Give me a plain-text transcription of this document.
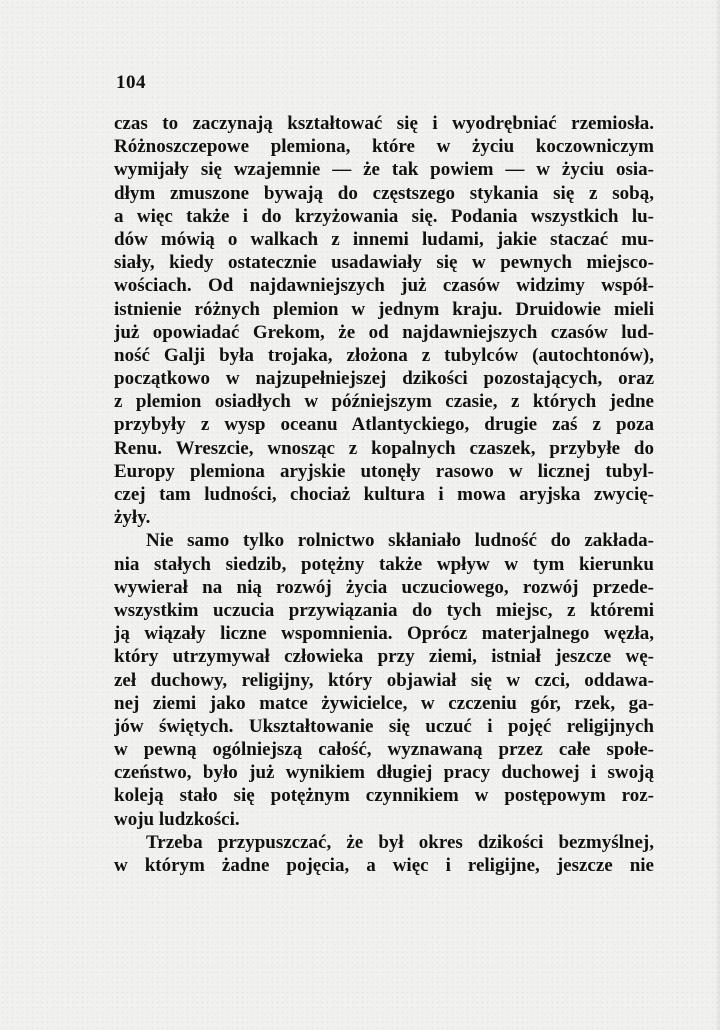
104
czas to zaczynają kształtować się i wyodrębniać rzemiosła.
Różnoszczepowe plemiona, które w życiu koczowniczym
wymijały się wzajemnie — że tak powiem — w życiu osia-
dłym zmuszone bywają do częstszego stykania się z sobą,
a więc także i do krzyżowania się. Podania wszystkich lu-
dów mówią o walkach z innemi ludami, jakie staczać mu-
siały, kiedy ostatecznie usadawiały się w pewnych miejsco-
wościach. Od najdawniejszych już czasów widzimy współ-
istnienie różnych plemion w jednym kraju. Druidowie mieli
już opowiadać Grekom, że od najdawniejszych czasów lud-
ność Galji była trojaka, złożona z tubylców (autochtonów),
początkowo w najzupełniejszej dzikości pozostających, oraz
z plemion osiadłych w późniejszym czasie, z których jedne
przybyły z wysp oceanu Atlantyckiego, drugie zaś z poza
Renu. Wreszcie, wnosząc z kopalnych czaszek, przybyłe do
Europy plemiona aryjskie utonęły rasowo w licznej tubyl-
czej tam ludności, chociaż kultura i mowa aryjska zwycię-
żyły.
Nie samo tylko rolnictwo skłaniało ludność do zakłada-
nia stałych siedzib, potężny także wpływ w tym kierunku
wywierał na nią rozwój życia uczuciowego, rozwój przede-
wszystkim uczucia przywiązania do tych miejsc, z któremi
ją wiązały liczne wspomnienia. Oprócz materjalnego węzła,
który utrzymywał człowieka przy ziemi, istniał jeszcze wę-
zeł duchowy, religijny, który objawiał się w czci, oddawa-
nej ziemi jako matce żywicielce, w czczeniu gór, rzek, ga-
jów świętych. Ukształtowanie się uczuć i pojęć religijnych
w pewną ogólniejszą całość, wyznawaną przez całe społe-
czeństwo, było już wynikiem długiej pracy duchowej i swoją
koleją stało się potężnym czynnikiem w postępowym roz-
woju ludzkości.
Trzeba przypuszczać, że był okres dzikości bezmyślnej,
w którym żadne pojęcia, a więc i religijne, jeszcze nie
